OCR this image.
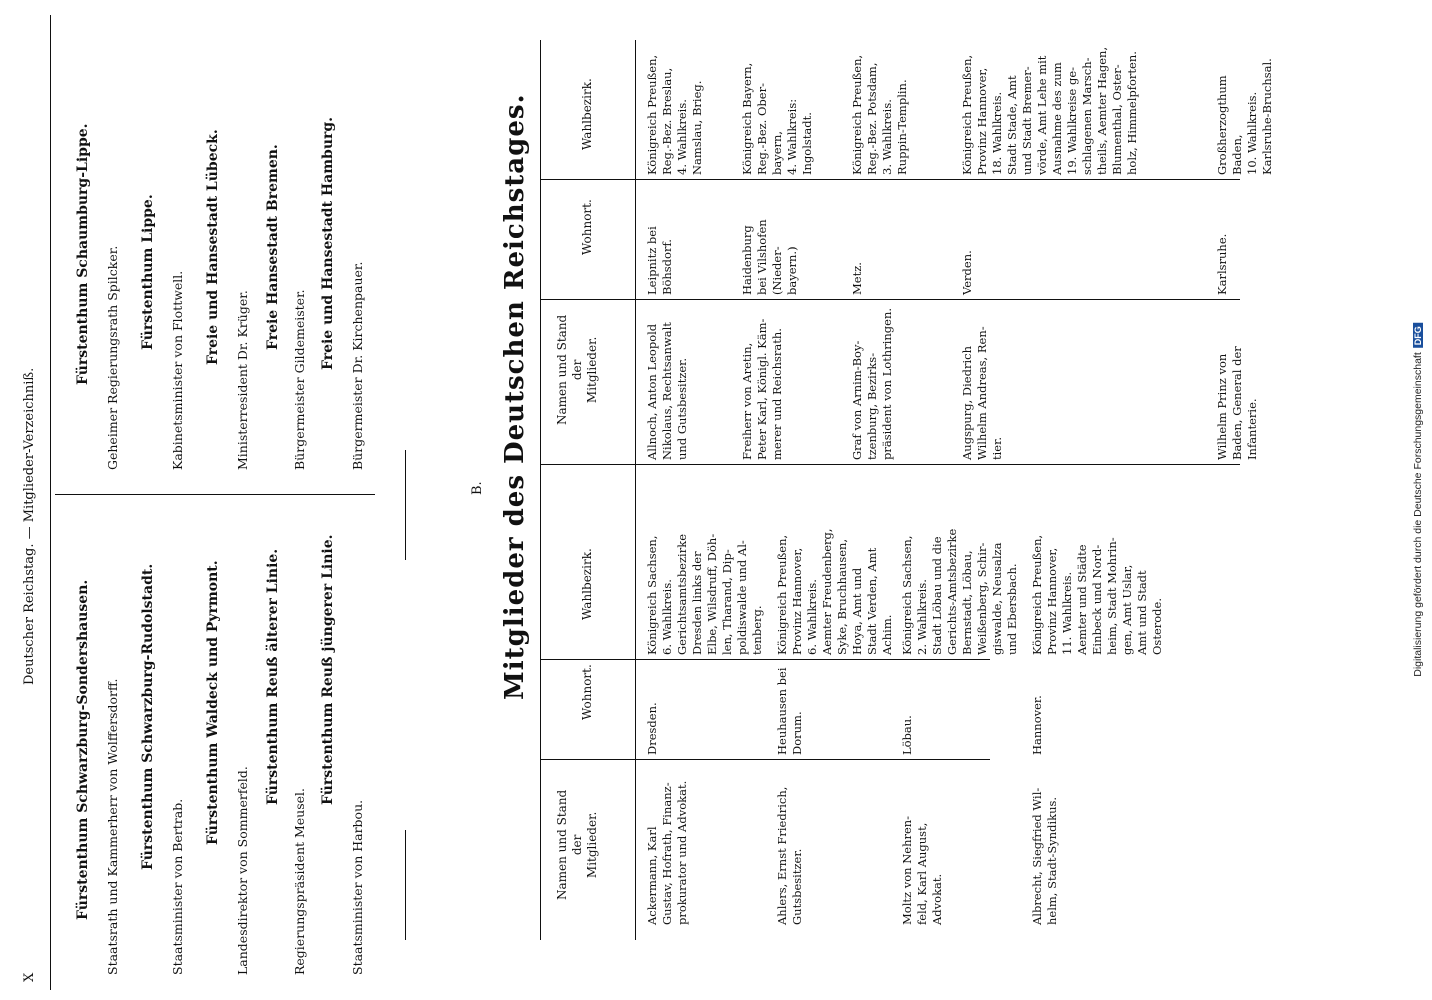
X
Deutscher Reichstag. — Mitglieder-Verzeichniß.
Fürstenthum Schwarzburg-Sondershausen. Staatsrath und Kammerherr von Wolffersdorff. Fürstenthum Schwarzburg-Rudolstadt.
Staatsminister von Bertrab.
Fürstenthum Waldeck und Pyrmont.
Landesdirektor von Sommerfeld.
Fürstenthum Reuß älterer Linie.
Regierungspräsident Meusel.
Fürstenthum Reuß jüngerer Linie.
Staatsminister von Harbou.
Fürstenthum Schaumburg-Lippe. Geheimer Regierungsrath Spilcker. Fürstenthum Lippe. Kabinetsminister von Flottwell.
Freie und Hansestadt Lübeck.
Ministerresident Dr. Krüger.
Freie Hansestadt Bremen.
Bürgermeister Gildemeister.
Freie und Hansestadt Hamburg. Bürgermeister Dr. Kirchenpauer.
B. Mitglieder des Deutschen Reichstages.
Namen und Stand
der
Mitglieder.
Wohnort.
Wahlbezirk.
Ackermann, Karl
Gustav, Hofrath, Finanz-
prokurator und Advokat.
Dresden.
Königreich Sachsen,
6. Wahlkreis.
Gerichtsamtsbezirke
Dresden links der
Elbe, Wilsdruff, Döh-
len, Tharand, Dip-
poldiswalde und Al-
tenberg.
Ahlers, Ernst Friedrich,
Gutsbesitzer.
Heuhausen bei
Dorum.
Königreich Preußen,
Provinz Hannover,
6. Wahlkreis.
Aemter Freudenberg,
Syke, Bruchhausen,
Hoya, Amt und
Stadt Verden, Amt
Achim.
Moltz von Nehren-
feld, Karl August,
Advokat.
Löbau.
Königreich Sachsen,
2. Wahlkreis.
Stadt Löbau und die
Gerichts-Amtsbezirke
Bernstadt, Löbau,
Weißenberg, Schir-
giswalde, Neusalza
und Ebersbach.
Albrecht, Siegfried Wil-
helm, Stadt-Syndikus.
Hannover.
Königreich Preußen,
Provinz Hannover,
11. Wahlkreis.
Aemter und Städte
Einbeck und Nord-
heim, Stadt Mohrin-
gen, Amt Uslar,
Amt und Stadt
Osterode.
Namen und Stand
der
Mitglieder.
Wohnort.
Wahlbezirk.
Allnoch, Anton Leopold
Nikolaus, Rechtsanwalt
und Gutsbesitzer.
Leipnitz bei
Böhsdorf.
Königreich Preußen,
Reg.-Bez. Breslau,
4. Wahlkreis.
Namslau, Brieg.
Freiherr von Aretin,
Peter Karl, Königl. Käm-
merer und Reichsrath.
Haidenburg
bei Vilshofen
(Nieder-
bayern.)
Königreich Bayern,
Reg.-Bez. Ober-
bayern,
4. Wahlkreis:
Ingolstadt.
Graf von Arnim-Boy-
tzenburg, Bezirks-
präsident von Lothringen.
Metz.
Königreich Preußen,
Reg.-Bez. Potsdam,
3. Wahlkreis.
Ruppin-Templin.
Augspurg, Diedrich
Wilhelm Andreas, Ren-
tier.
Verden.
Königreich Preußen,
Provinz Hannover,
18. Wahlkreis.
Stadt Stade, Amt
und Stadt Bremer-
vörde, Amt Lehe mit
Ausnahme des zum
19. Wahlkreise ge-
schlagenen Marsch-
theils, Aemter Hagen,
Blumenthal, Oster-
holz, Himmelpforten.
Wilhelm Prinz von
Baden, General der
Infanterie.
Karlsruhe.
Großherzogthum
Baden,
10. Wahlkreis.
Karlsruhe-Bruchsal.
Digitalisierung gefördert durch die Deutsche ForschungsgemeinschaftDFG
